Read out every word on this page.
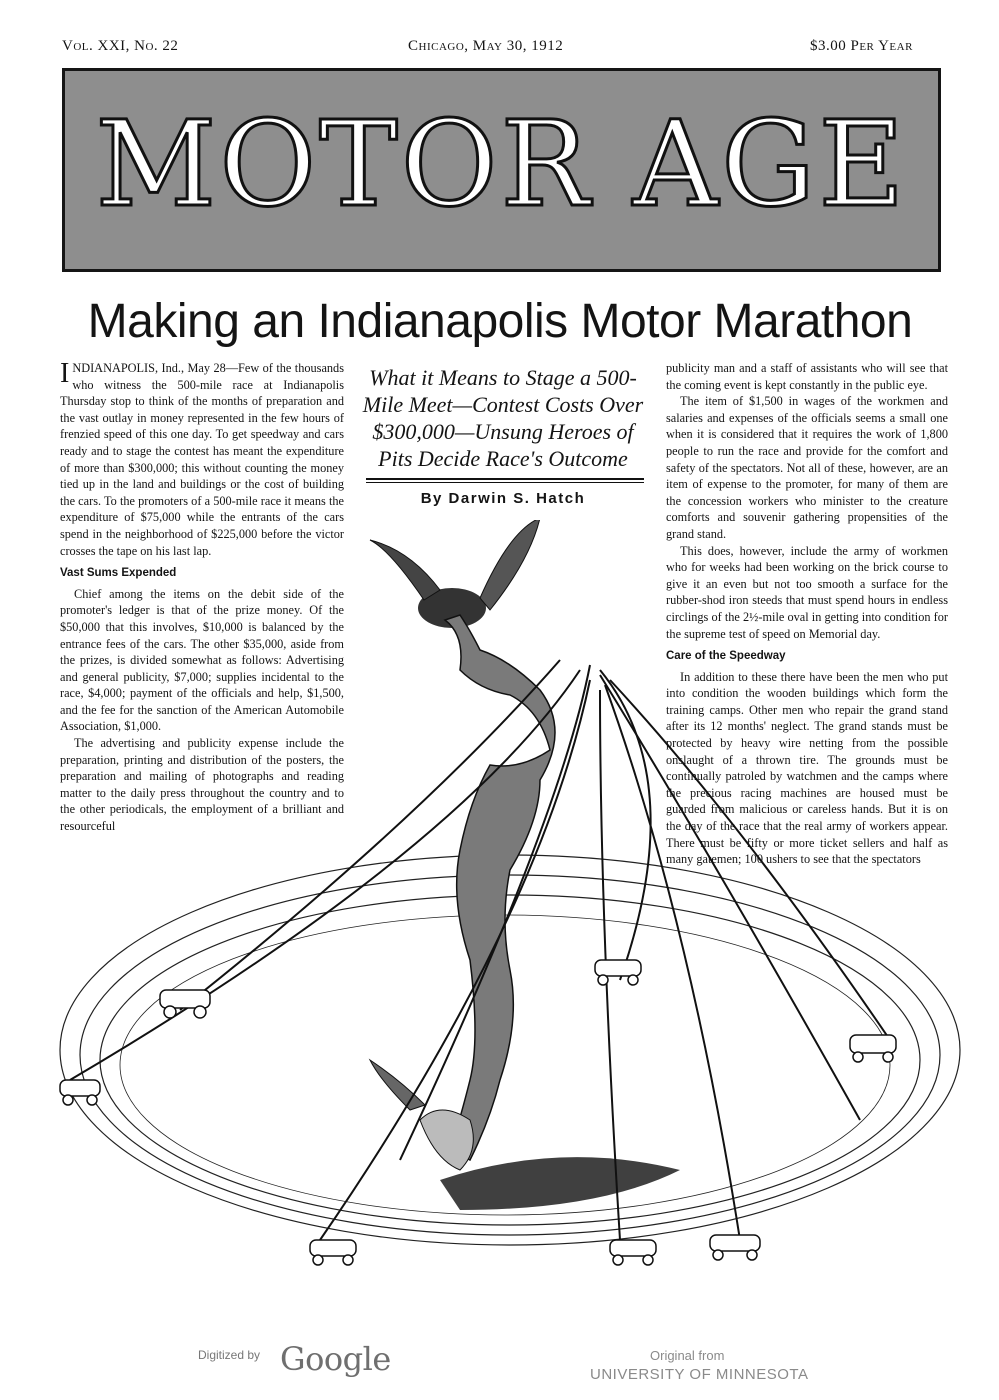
Vol. XXI, No. 22	Chicago, May 30, 1912	$3.00 Per Year
MOTOR AGE
Making an Indianapolis Motor Marathon

INDIANAPOLIS, Ind., May 28—Few of the thousands who witness the 500-mile race at Indianapolis Thursday stop to think of the months of preparation and the vast outlay in money represented in the few hours of frenzied speed of this one day. To get speedway and cars ready and to stage the contest has meant the expenditure of more than $300,000; this without counting the money tied up in the land and buildings or the cost of building the cars. To the promoters of a 500-mile race it means the expenditure of $75,000 while the entrants of the cars spend in the neighborhood of $225,000 before the victor crosses the tape on his last lap.

Vast Sums Expended

Chief among the items on the debit side of the promoter's ledger is that of the prize money. Of the $50,000 that this involves, $10,000 is balanced by the entrance fees of the cars. The other $35,000, aside from the prizes, is divided somewhat as follows: Advertising and general publicity, $7,000; supplies incidental to the race, $4,000; payment of the officials and help, $1,500, and the fee for the sanction of the American Automobile Association, $1,000.

The advertising and publicity expense include the preparation, printing and distribution of the posters, the preparation and mailing of photographs and reading matter to the daily press throughout the country and to the other periodicals, the employment of a brilliant and resourceful

What it Means to Stage a 500-Mile Meet—Contest Costs Over $300,000—Unsung Heroes of Pits Decide Race's Outcome
By Darwin S. Hatch

publicity man and a staff of assistants who will see that the coming event is kept constantly in the public eye.

The item of $1,500 in wages of the workmen and salaries and expenses of the officials seems a small one when it is considered that it requires the work of 1,800 people to run the race and provide for the comfort and safety of the spectators. Not all of these, however, are an item of expense to the promoter, for many of them are the concession workers who minister to the creature comforts and souvenir gathering propensities of the grand stand.

This does, however, include the army of workmen who for weeks had been working on the brick course to give it an even but not too smooth a surface for the rubber-shod iron steeds that must spend hours in endless circlings of the 2½-mile oval in getting into condition for the supreme test of speed on Memorial day.

Care of the Speedway

In addition to these there have been the men who put into condition the wooden buildings which form the training camps. Other men who repair the grand stand after its 12 months' neglect. The grand stands must be protected by heavy wire netting from the possible onslaught of a thrown tire. The grounds must be continually patroled by watchmen and the camps where the precious racing machines are housed must be guarded from malicious or careless hands. But it is on the day of the race that the real army of workers appear. There must be fifty or more ticket sellers and half as many gatemen; 100 ushers to see that the spectators

Digitized by Google	Original from
UNIVERSITY OF MINNESOTA
